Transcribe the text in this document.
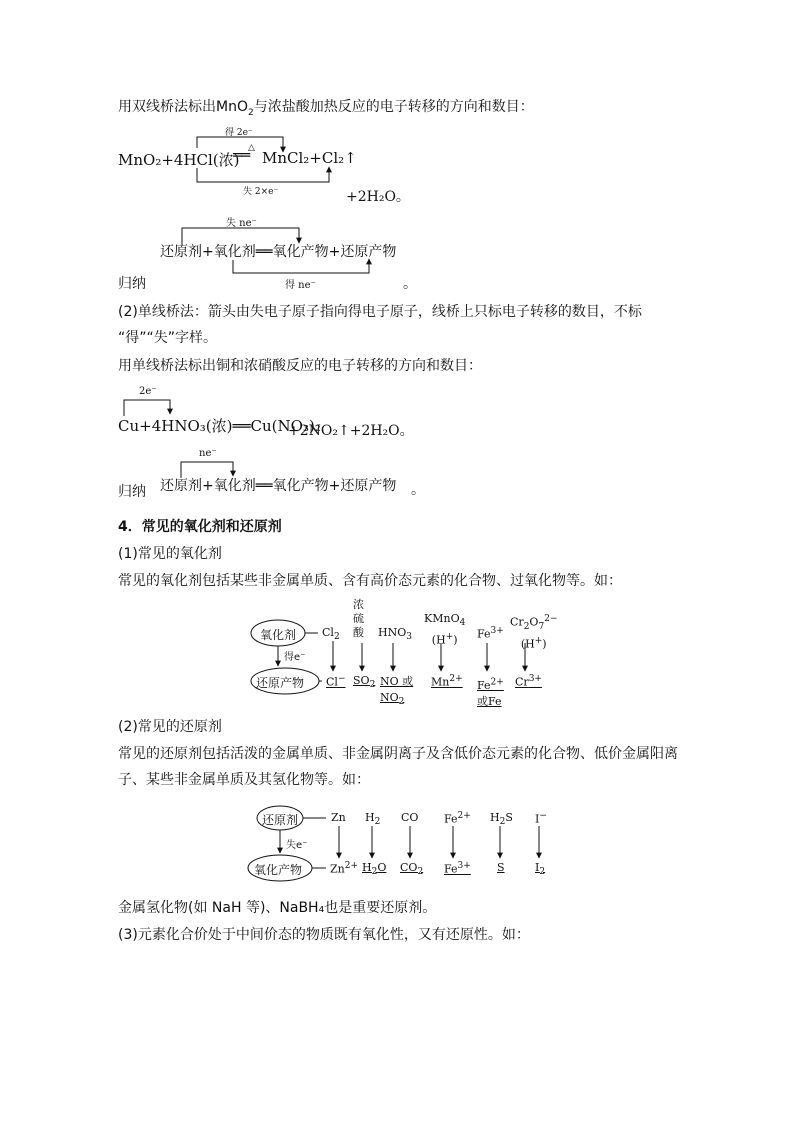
用双线桥法标出MnO$_2$与浓盐酸加热反应的电子转移的方向和数目：
得 2e⁻
△
MnO₂+4HCl(浓)
══ MnCl₂+Cl₂↑
失 2×e⁻	+2H₂O。
失 ne⁻
还原剂+氧化剂══氧化产物+还原产物
得 ne⁻
归纳	。
(2)单线桥法：箭头由失电子原子指向得电子原子，线桥上只标电子转移的数目，不标
“得”“失”字样。
用单线桥法标出铜和浓硝酸反应的电子转移的方向和数目：
2e⁻
Cu+4HNO₃(浓)══Cu(NO₃)₂
+2NO₂↑+2H₂O。
ne⁻
归纳 还原剂+氧化剂══氧化产物+还原产物 。
4．常见的氧化剂和还原剂
(1)常见的氧化剂
常见的氧化剂包括某些非金属单质、含有高价态元素的化合物、过氧化物等。如：
氧化剂
得e⁻
还原产物
$Cl_2$
浓
硫
酸 $HNO_3$
KMnO$_4$
(H+)	$Fe^{3+}$
$Cr_2O_7^{2-}$
(H+)
Cl− $SO_2$ NO 或
$NO_2$
$Mn^{2+}$ $Fe^{2+}$
或Fe
$Cr^{3+}$
(2)常见的还原剂
常见的还原剂包括活泼的金属单质、非金属阴离子及含低价态元素的化合物、低价金属阳离
子、某些非金属单质及其氢化物等。如：
还原剂
失e⁻
氧化产物
Zn $H_2$ CO $Fe^{2+}$ $H_2S$ I−
$Zn^{2+}$ $H_2O$ $CO_2$ $Fe^{3+}$ S	$I_2$
金属氢化物(如 NaH 等)、NaBH₄也是重要还原剂。
(3)元素化合价处于中间价态的物质既有氧化性，又有还原性。如：
